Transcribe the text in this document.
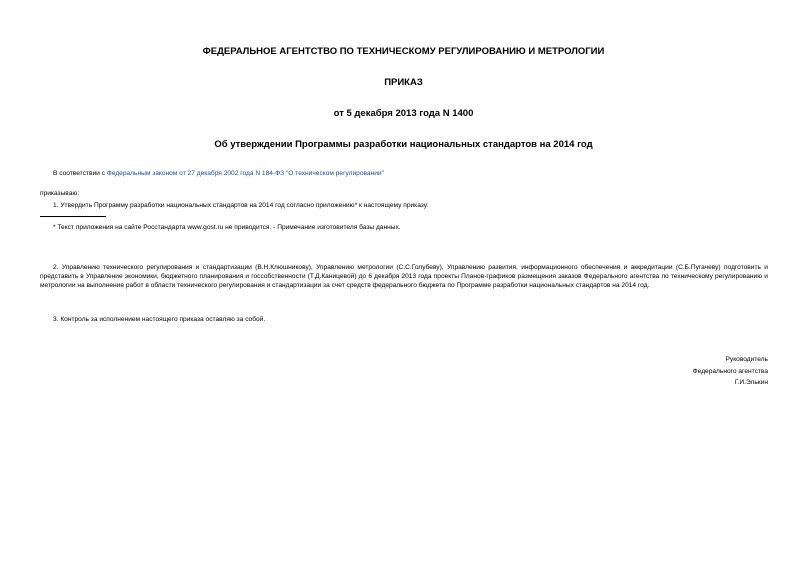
ФЕДЕРАЛЬНОЕ АГЕНТСТВО ПО ТЕХНИЧЕСКОМУ РЕГУЛИРОВАНИЮ И МЕТРОЛОГИИ
ПРИКАЗ
от 5 декабря 2013 года N 1400
Об утверждении Программы разработки национальных стандартов на 2014 год
В соответствии с Федеральным законом от 27 декабря 2002 года N 184-ФЗ "О техническом регулировании"
приказываю:
1. Утвердить Программу разработки национальных стандартов на 2014 год согласно приложению* к настоящему приказу.
* Текст приложения на сайте Росстандарта www.gost.ru не приводится. - Примечание изготовителя базы данных.
2. Управлению технического регулирования и стандартизации (В.Н.Клюшникову), Управлению метрологии (С.С.Голубеву), Управлению развития, информационного обеспечения и аккредитации (С.Б.Пугачеву) подготовить и представить в Управление экономики, бюджетного планирования и госсобственности (Т.Д.Каницевой) до 6 декабря 2013 года проекты Планов-графиков размещения заказов Федерального агентства по техническому регулированию и метрологии на выполнение работ в области технического регулирования и стандартизации за счет средств федерального бюджета по Программе разработки национальных стандартов на 2014 год.
3. Контроль за исполнением настоящего приказа оставляю за собой.
Руководитель
Федерального агентства
Г.И.Элькин
